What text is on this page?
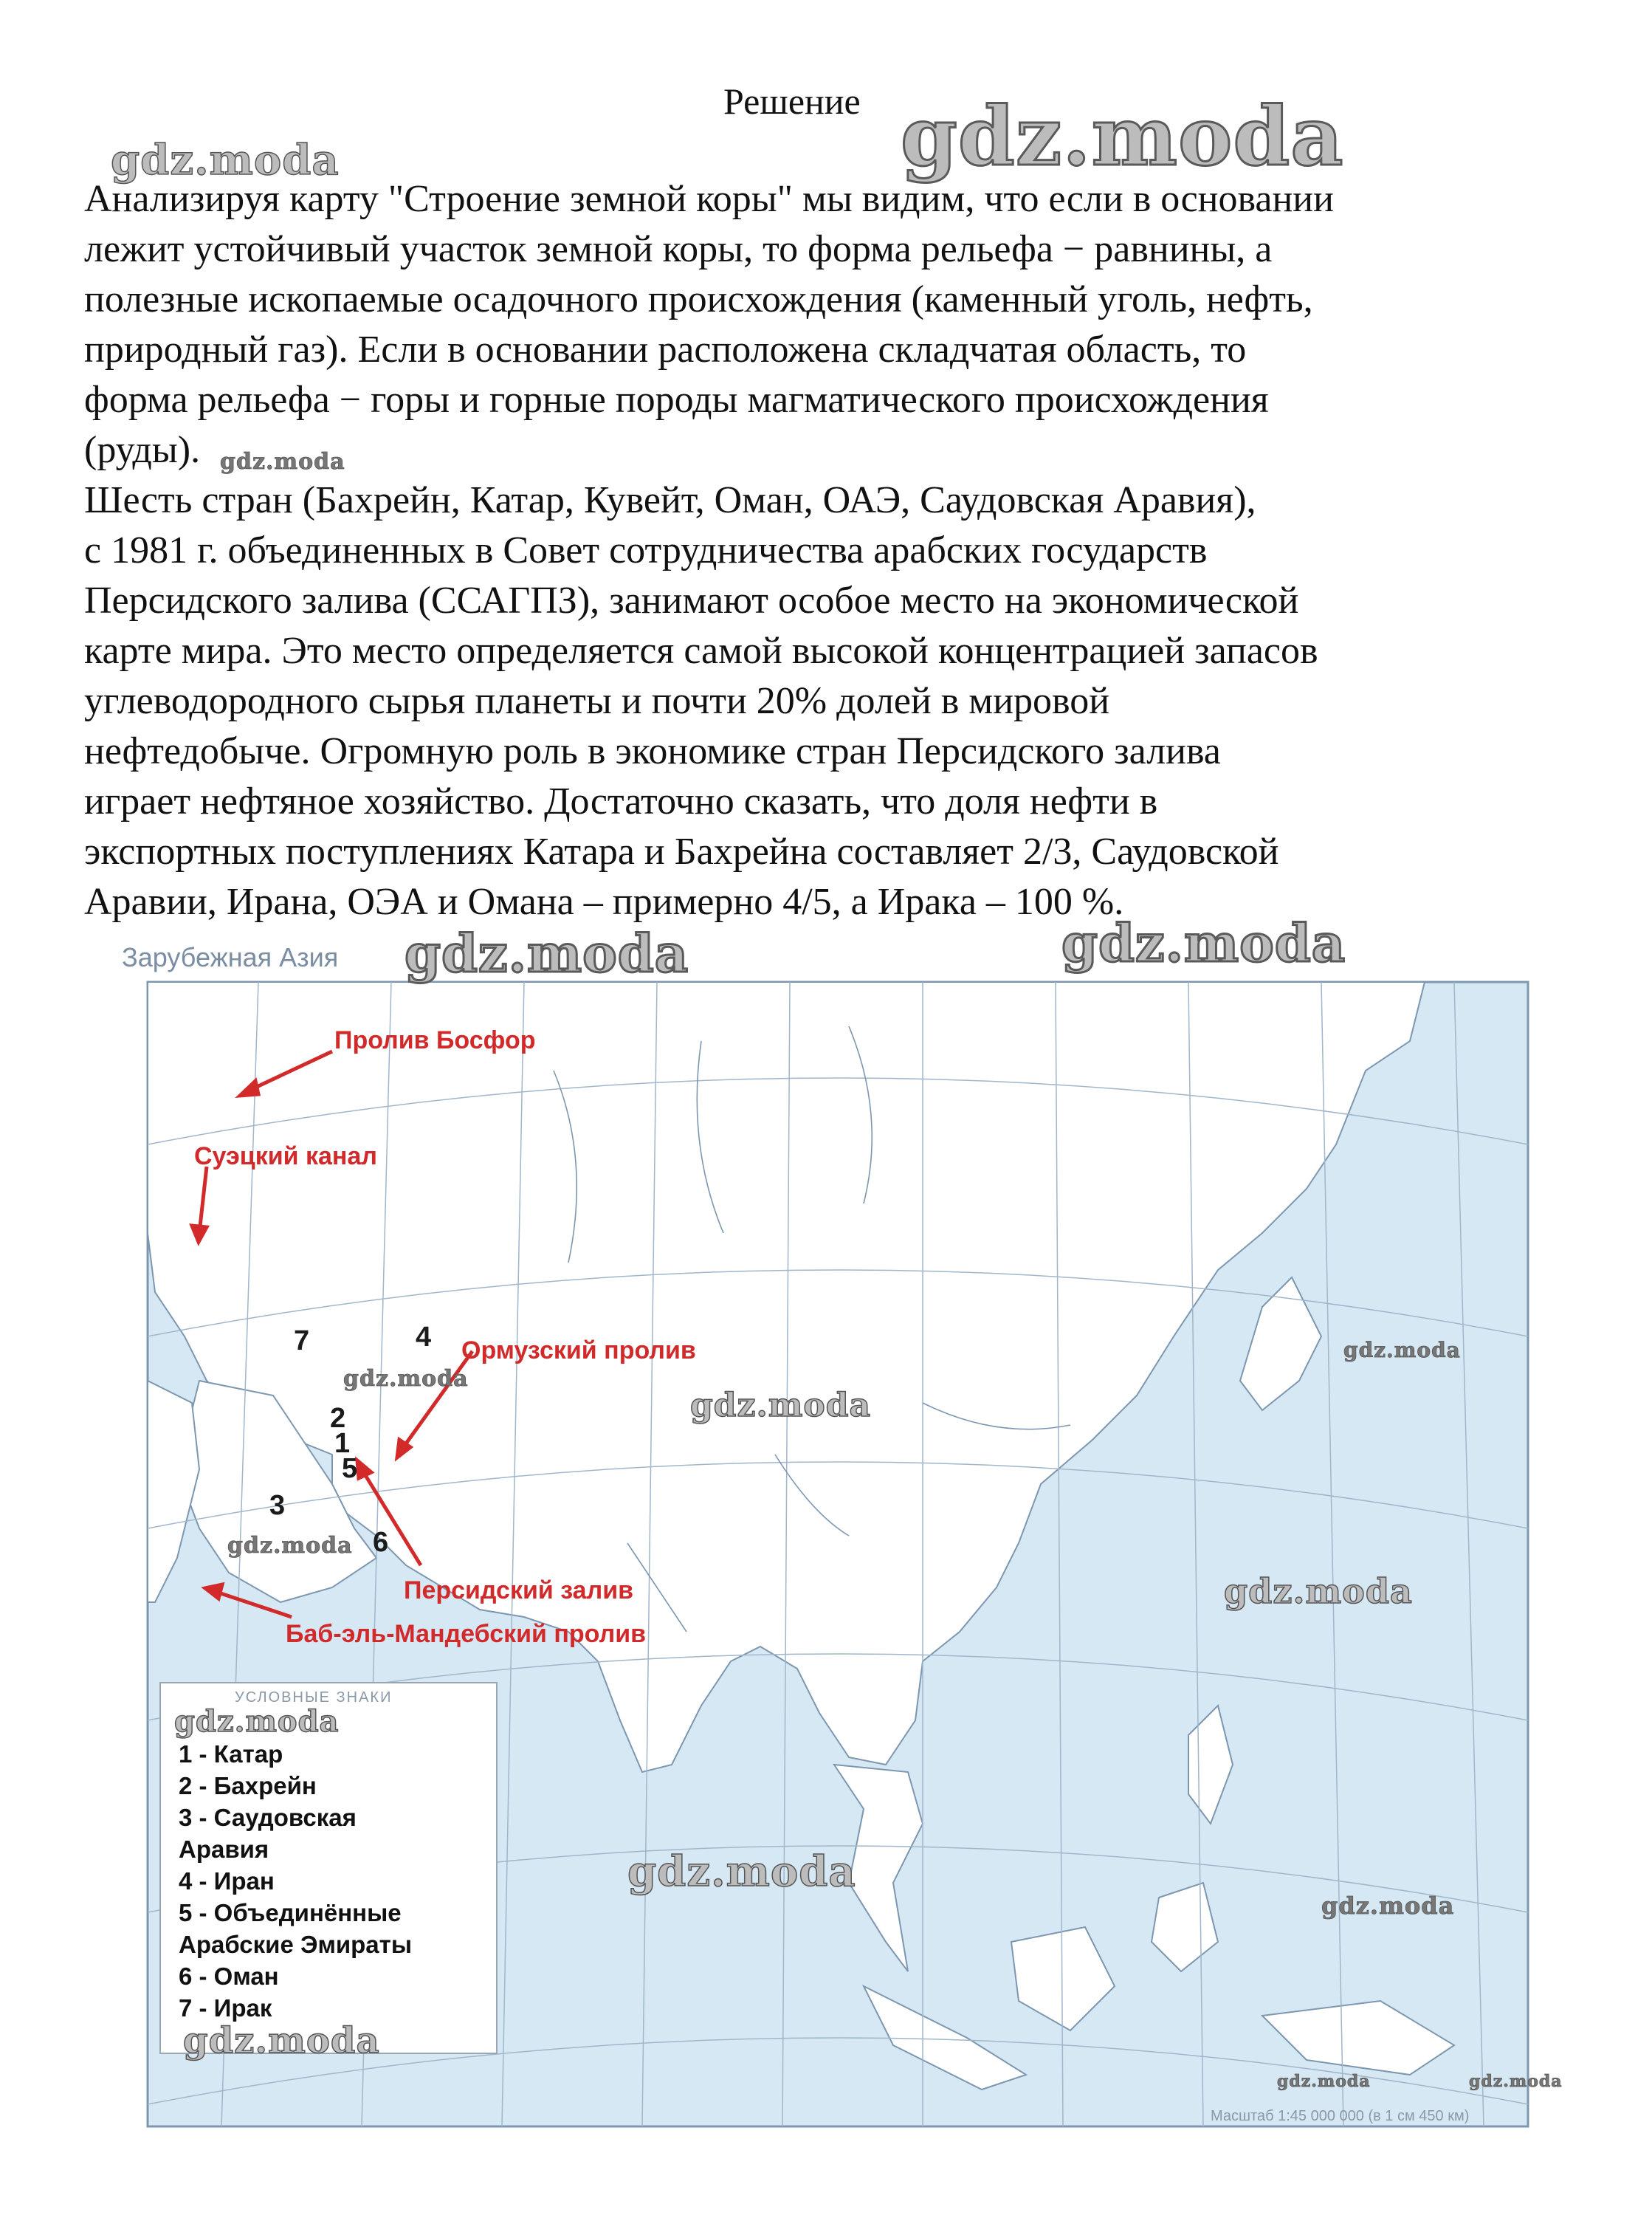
Решение

Анализируя карту "Строение земной коры" мы видим, что если в основании

лежит устойчивый участок земной коры, то форма рельефа − равнины, а

полезные ископаемые осадочного происхождения (каменный уголь, нефть,

природный газ). Если в основании расположена складчатая область, то

форма рельефа − горы и горные породы магматического происхождения

(руды).

Шесть стран (Бахрейн, Катар, Кувейт, Оман, ОАЭ, Саудовская Аравия),

с 1981 г. объединенных в Совет сотрудничества арабских государств

Персидского залива (ССАГПЗ), занимают особое место на экономической

карте мира. Это место определяется самой высокой концентрацией запасов

углеводородного сырья планеты и почти 20% долей в мировой

нефтедобыче. Огромную роль в экономике стран Персидского залива

играет нефтяное хозяйство. Достаточно сказать, что доля нефти в

экспортных поступлениях Катара и Бахрейна составляет 2/3, Саудовской

Аравии, Ирана, ОЭА и Омана – примерно 4/5, а Ирака – 100 %.

Пролив Босфор
Суэцкий канал
Ормузский пролив
Персидский залив
Баб-эль-Мандебский пролив
7	4
2
1
5
3
6
Зарубежная Азия
УСЛОВНЫЕ ЗНАКИ
1 - Катар
2 - Бахрейн
3 - Саудовская
Аравия
4 - Иран
5 - Объединённые
Арабские Эмираты
6 - Оман
7 - Ирак
Масштаб 1:45 000 000 (в 1 см 450 км)
gdz.moda
gdz.moda
gdz.moda
gdz.moda	gdz.moda
gdz.moda
gdz.moda
gdz.moda
gdz.moda
gdz.moda
gdz.moda
gdz.moda
gdz.moda
gdz.moda
gdz.moda	gdz.moda
